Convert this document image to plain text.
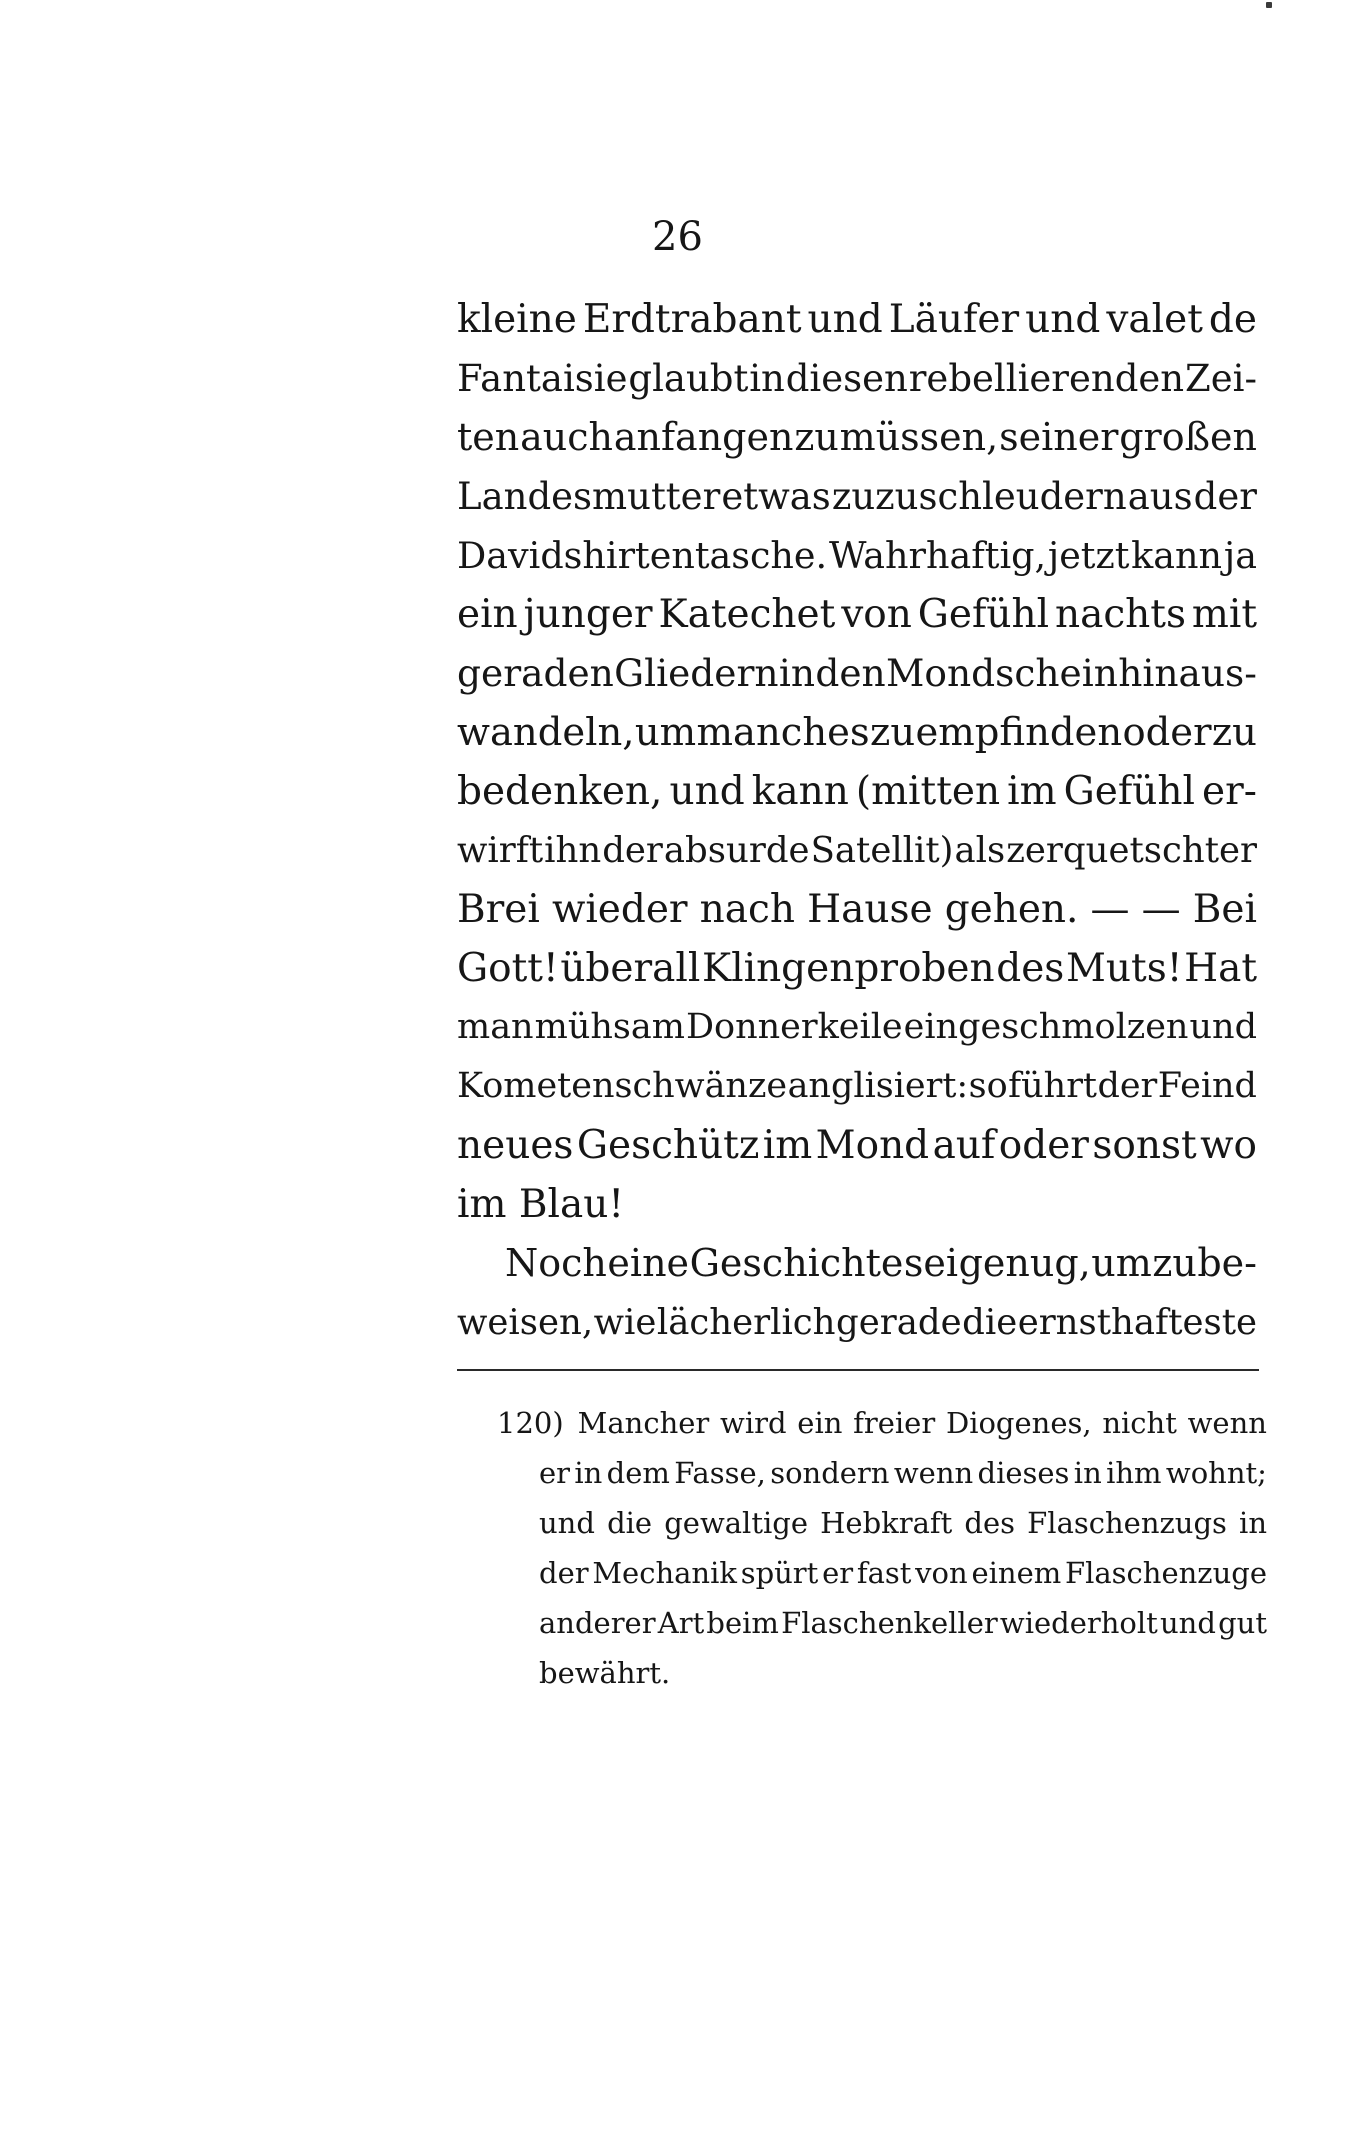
26
kleine Erdtrabant und Läufer und valet de
Fantaisie glaubt in diesen rebellierenden Zei-
ten auch anfangen zu müssen, seiner großen
Landesmutter etwas zuzuschleudern aus der
Davidshirtentasche. Wahrhaftig, jetzt kann ja
ein junger Katechet von Gefühl nachts mit
geraden Gliedern in den Mondschein hinaus-
wandeln, um manches zu empfinden oder zu
bedenken, und kann (mitten im Gefühl er-
wirft ihn der absurde Satellit) als zerquetschter
Brei wieder nach Hause gehen. — — Bei
Gott! überall Klingenproben des Muts! Hat
man mühsam Donnerkeile eingeschmolzen und
Kometenschwänze anglisiert: so führt der Feind
neues Geschütz im Mond auf oder sonst wo
im Blau!
Noch eine Geschichte sei genug, um zu be-
weisen, wie lächerlich gerade die ernsthafteste
120) Mancher wird ein freier Diogenes, nicht wenn
er in dem Fasse, sondern wenn dieses in ihm wohnt;
und die gewaltige Hebkraft des Flaschenzugs in
der Mechanik spürt er fast von einem Flaschenzuge
anderer Art beim Flaschenkeller wiederholt und gut
bewährt.
